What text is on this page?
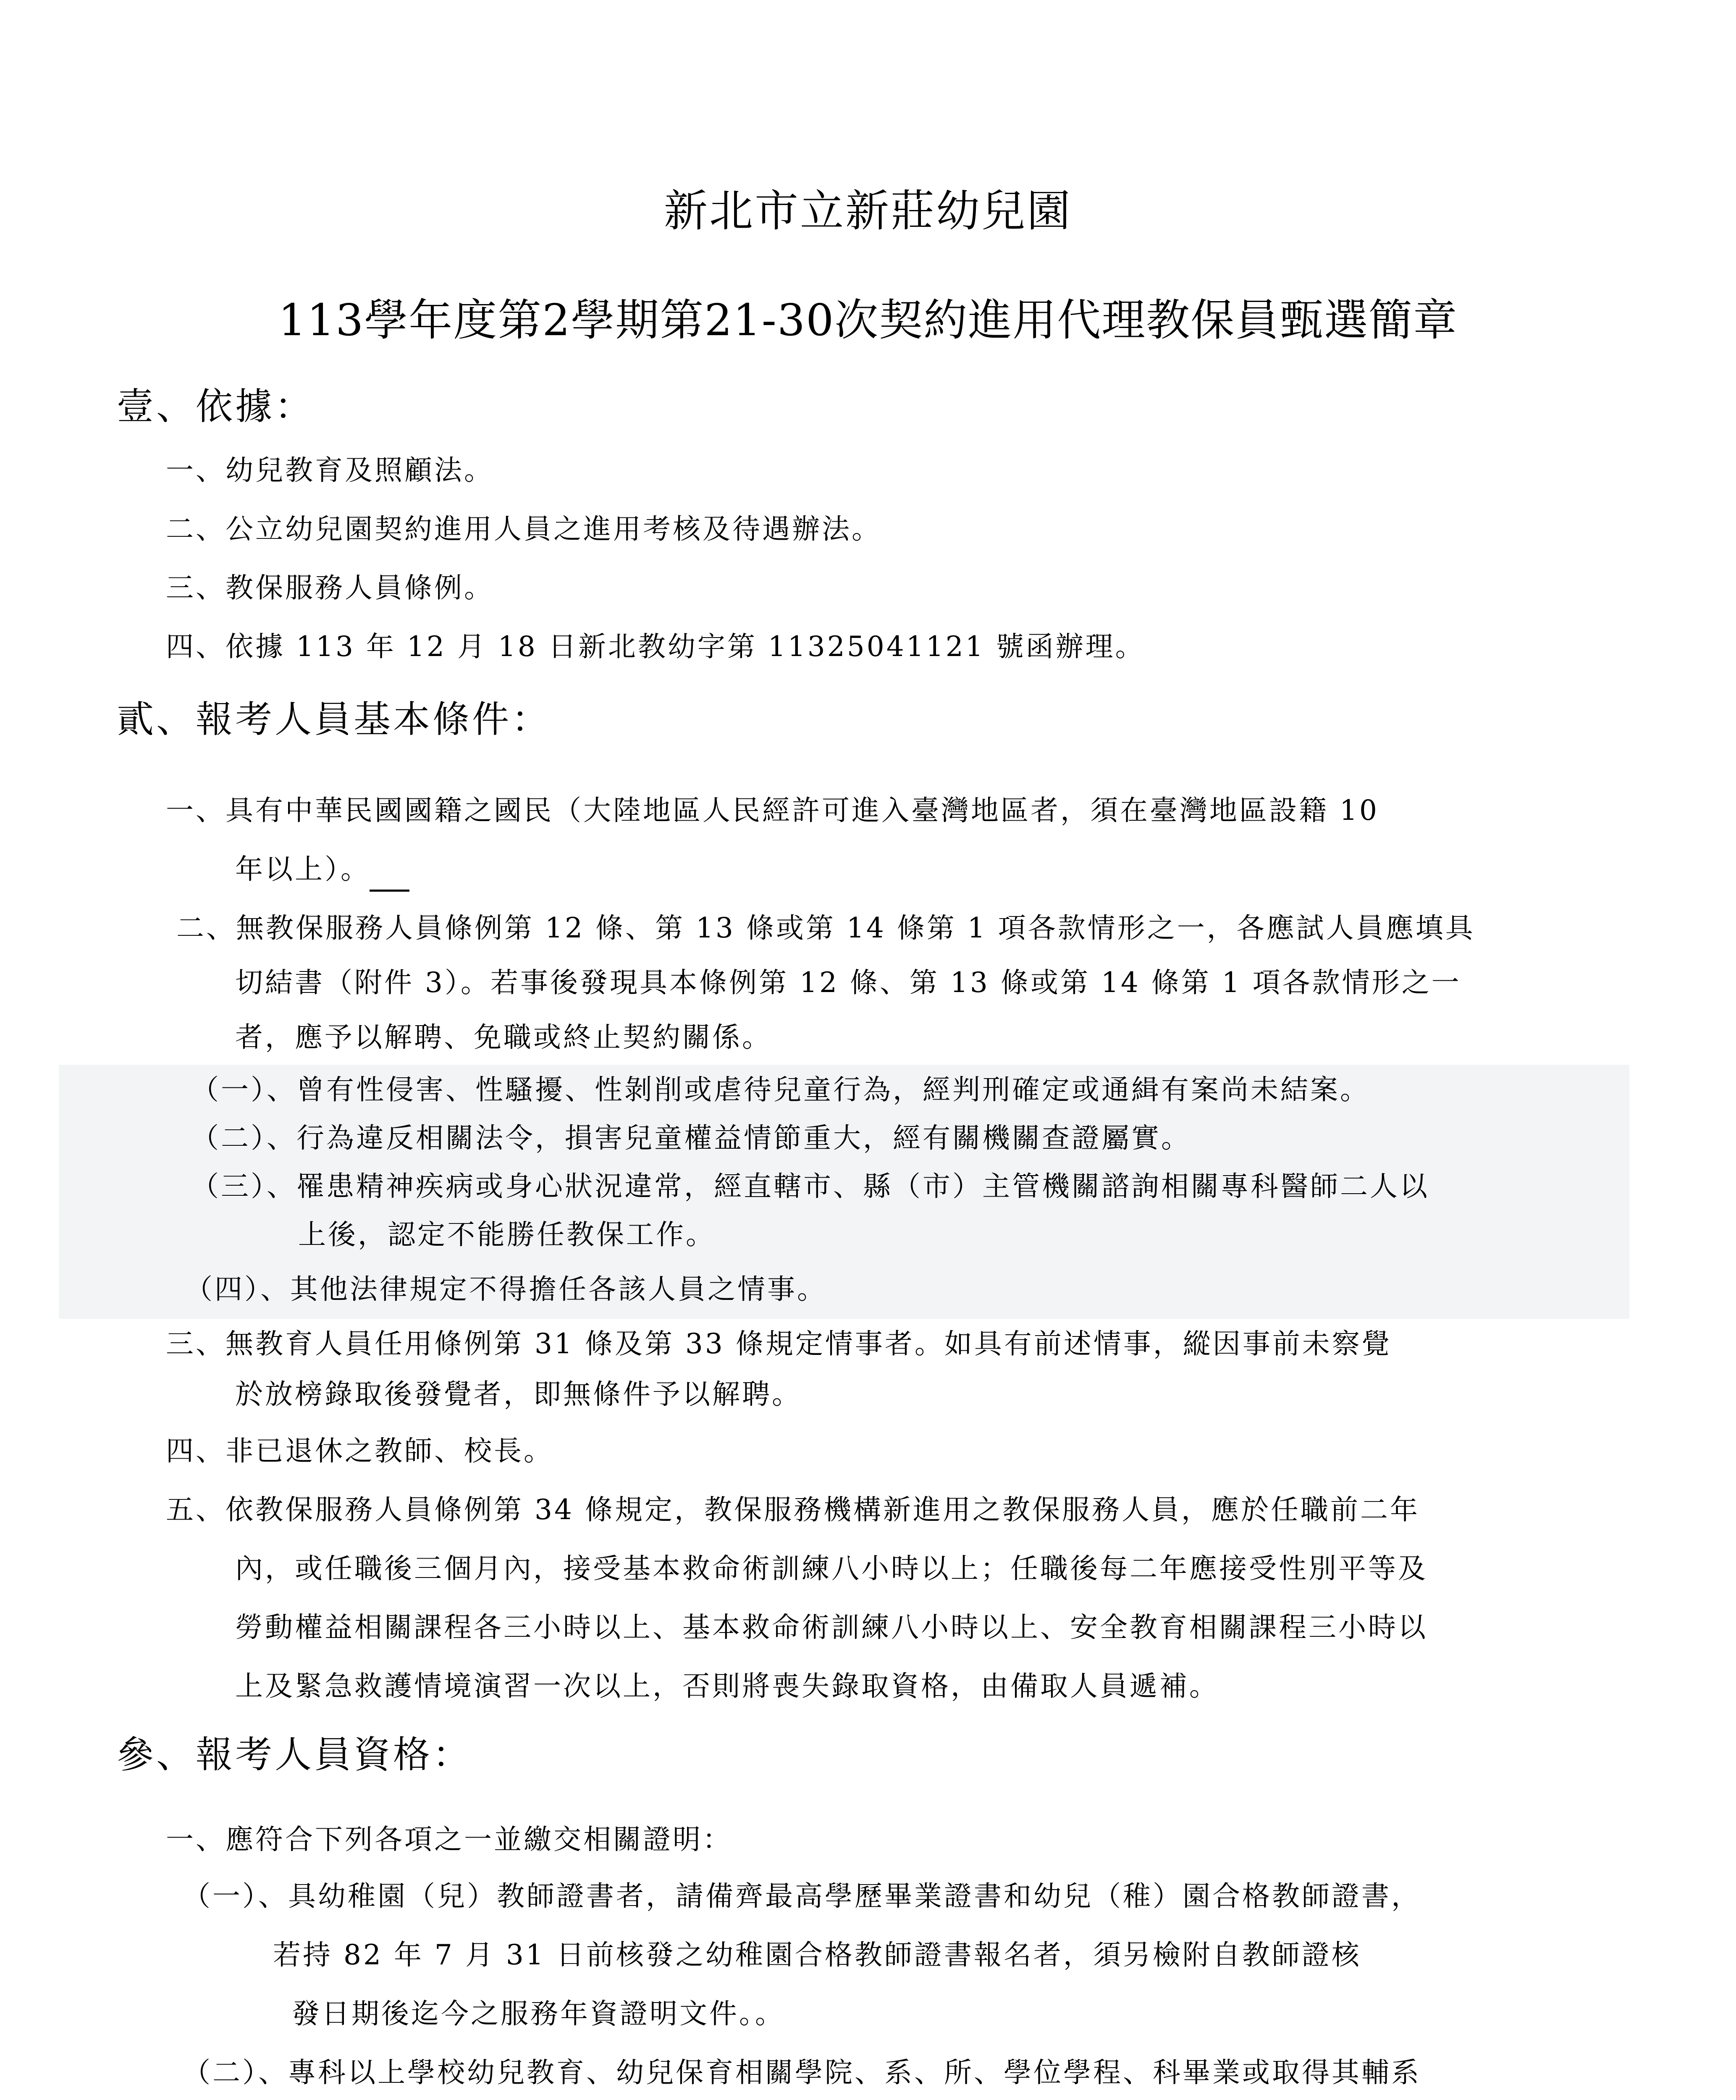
新北市立新莊幼兒園
113學年度第2學期第21-30次契約進用代理教保員甄選簡章
壹、依據：
一、幼兒教育及照顧法。
二、公立幼兒園契約進用人員之進用考核及待遇辦法。
三、教保服務人員條例。
四、依據 113 年 12 月 18 日新北教幼字第 11325041121 號函辦理。
貳、報考人員基本條件：
一、具有中華民國國籍之國民（大陸地區人民經許可進入臺灣地區者，須在臺灣地區設籍 10
年以上）。
二、無教保服務人員條例第 12 條、第 13 條或第 14 條第 1 項各款情形之一，各應試人員應填具
切結書（附件 3）。若事後發現具本條例第 12 條、第 13 條或第 14 條第 1 項各款情形之一
者，應予以解聘、免職或終止契約關係。
（一）、曾有性侵害、性騷擾、性剝削或虐待兒童行為，經判刑確定或通緝有案尚未結案。
（二）、行為違反相關法令，損害兒童權益情節重大，經有關機關查證屬實。
（三）、罹患精神疾病或身心狀況違常，經直轄市、縣（市）主管機關諮詢相關專科醫師二人以
上後，認定不能勝任教保工作。
（四）、其他法律規定不得擔任各該人員之情事。
三、無教育人員任用條例第 31 條及第 33 條規定情事者。如具有前述情事，縱因事前未察覺
於放榜錄取後發覺者，即無條件予以解聘。
四、非已退休之教師、校長。
五、依教保服務人員條例第 34 條規定，教保服務機構新進用之教保服務人員，應於任職前二年
內，或任職後三個月內，接受基本救命術訓練八小時以上；任職後每二年應接受性別平等及
勞動權益相關課程各三小時以上、基本救命術訓練八小時以上、安全教育相關課程三小時以
上及緊急救護情境演習一次以上，否則將喪失錄取資格，由備取人員遞補。
參、報考人員資格：
一、應符合下列各項之一並繳交相關證明：
（一）、具幼稚園（兒）教師證書者，請備齊最高學歷畢業證書和幼兒（稚）園合格教師證書，
若持 82 年 7 月 31 日前核發之幼稚園合格教師證書報名者，須另檢附自教師證核
發日期後迄今之服務年資證明文件。。
（二）、專科以上學校幼兒教育、幼兒保育相關學院、系、所、學位學程、科畢業或取得其輔系
